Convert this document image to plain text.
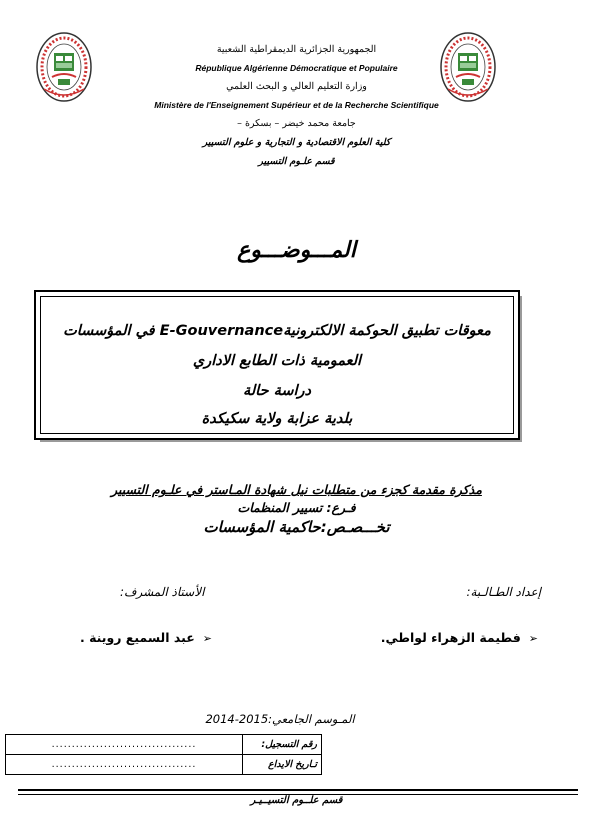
الجمهورية الجزائرية الديمقراطية الشعبية
République Algérienne Démocratique et Populaire
وزارة التعليم العالي و البحث العلمي
Ministère de l'Enseignement Supérieur et de la Recherche Scientifique
جامعة محمد خيضر – بسكرة –
كلية العلوم الاقتصادية و التجارية و علوم التسيير
قسم علـوم التسيير
المـــوضـــوع
معوقات تطبيق الحوكمة الالكترونيةE-Gouvernance في المؤسسات
العمومية ذات الطابع الاداري
دراسة حالة
بلدية عزابة ولاية سكيكدة
مذكرة مقدمة كجزء من متطلبات نيل شهادة المـاستر في علـوم التسيير
فـرع: تسيير المنظمات
تخـــصـص:حاكمية المؤسسات
إعداد الطـالـبة:
الأستاذ المشرف:
➢فطيمة الزهراء لواطي.
➢عبد السميع روينة .
المـوسم الجامعي:2015-2014
....................................	رقم التسجيل:
....................................	تـاريخ الايداع
قسم علــوم التسيــيـر
